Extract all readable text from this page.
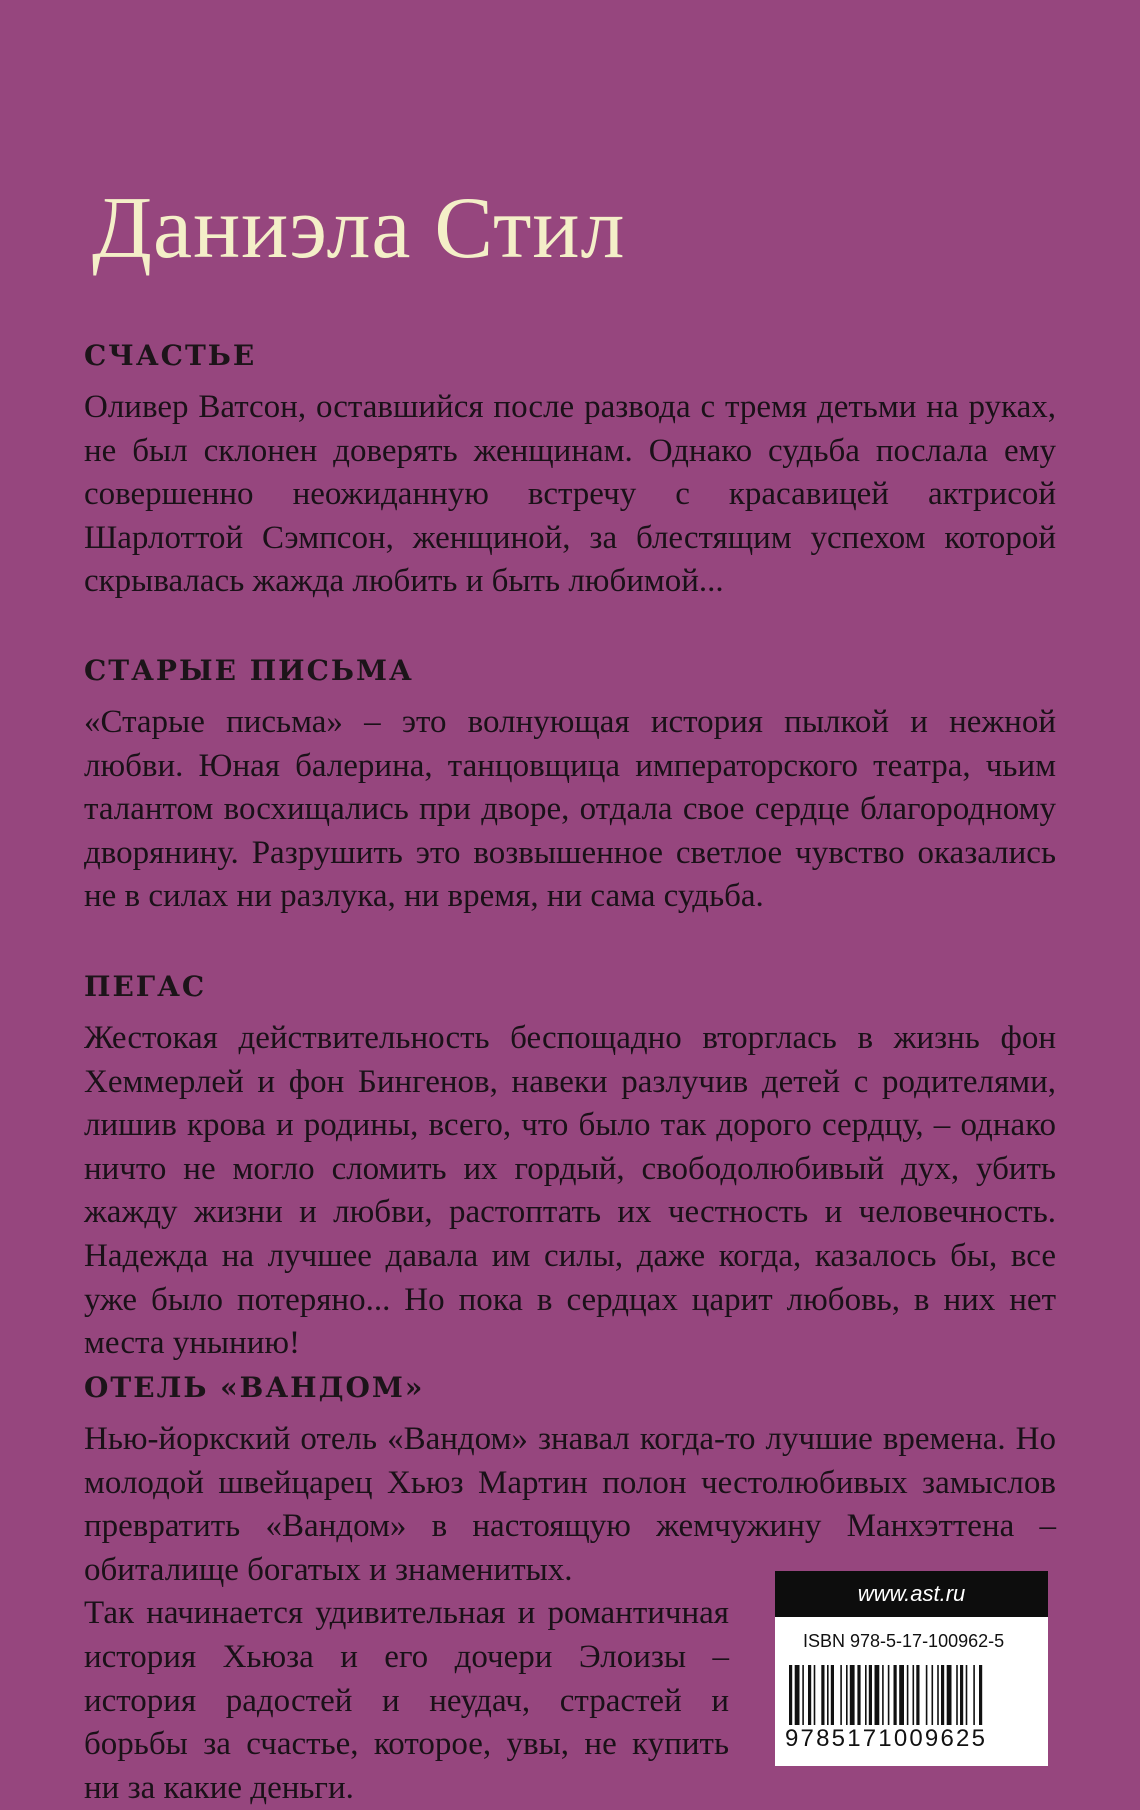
Даниэла Стил
СЧАСТЬЕ

Оливер Ватсон, оставшийся после развода с тремя детьми на руках, не был склонен доверять женщинам. Однако судьба послала ему совершенно неожиданную встречу с красавицей актрисой Шарлоттой Сэмпсон, женщиной, за блестящим успехом которой скрывалась жажда любить и быть любимой...

СТАРЫЕ ПИСЬМА

«Старые письма» – это волнующая история пылкой и нежной любви. Юная балерина, танцовщица императорского театра, чьим талантом восхищались при дворе, отдала свое сердце благородному дворянину. Разрушить это возвышенное светлое чувство оказались не в силах ни разлука, ни время, ни сама судьба.

ПЕГАС

Жестокая действительность беспощадно вторглась в жизнь фон Хеммерлей и фон Бингенов, навеки разлучив детей с родителями, лишив крова и родины, всего, что было так дорого сердцу, – однако ничто не могло сломить их гордый, свободолюбивый дух, убить жажду жизни и любви, растоптать их честность и человечность. Надежда на лучшее давала им силы, даже когда, казалось бы, все уже было потеряно... Но пока в сердцах царит любовь, в них нет места унынию!

ОТЕЛЬ «ВАНДОМ»

Нью-йоркский отель «Вандом» знавал когда-то лучшие времена. Но молодой швейцарец Хьюз Мартин полон честолюбивых замыслов превратить «Вандом» в настоящую жемчужину Манхэттена – обиталище богатых и знаменитых.

Так начинается удивительная и романтичная история Хьюза и его дочери Элоизы – история радостей и неудач, страстей и борьбы за счастье, которое, увы, не купить ни за какие деньги.

www.ast.ru
ISBN 978-5-17-100962-5
9785171009625
